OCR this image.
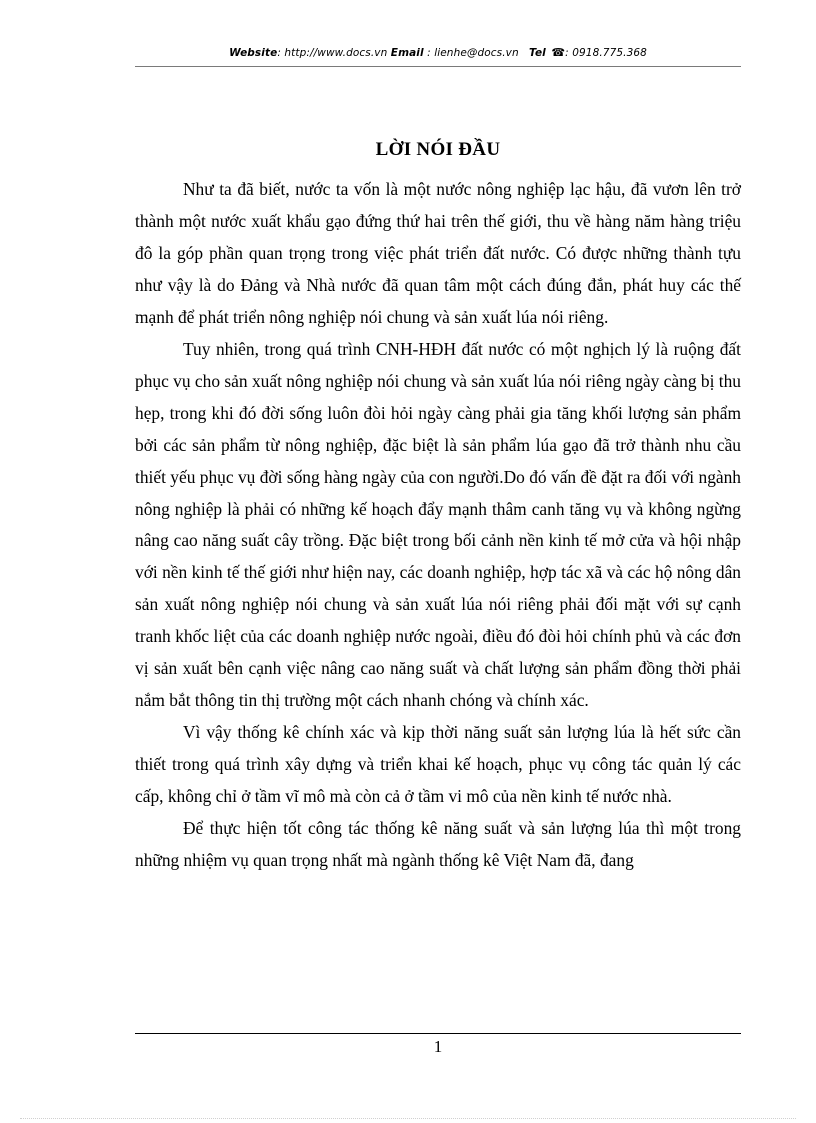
Website: http://www.docs.vn Email : lienhe@docs.vn Tel ☎: 0918.775.368
LỜI NÓI ĐẦU

Như ta đã biết, nước ta vốn là một nước nông nghiệp lạc hậu, đã vươn lên trở thành một nước xuất khẩu gạo đứng thứ hai trên thế giới, thu về hàng năm hàng triệu đô la góp phần quan trọng trong việc phát triển đất nước. Có được những thành tựu như vậy là do Đảng và Nhà nước đã quan tâm một cách đúng đắn, phát huy các thế mạnh để phát triển nông nghiệp nói chung và sản xuất lúa nói riêng.

Tuy nhiên, trong quá trình CNH-HĐH đất nước có một nghịch lý là ruộng đất phục vụ cho sản xuất nông nghiệp nói chung và sản xuất lúa nói riêng ngày càng bị thu hẹp, trong khi đó đời sống luôn đòi hỏi ngày càng phải gia tăng khối lượng sản phẩm bởi các sản phẩm từ nông nghiệp, đặc biệt là sản phẩm lúa gạo đã trở thành nhu cầu thiết yếu phục vụ đời sống hàng ngày của con người.Do đó vấn đề đặt ra đối với ngành nông nghiệp là phải có những kế hoạch đẩy mạnh thâm canh tăng vụ và không ngừng nâng cao năng suất cây trồng. Đặc biệt trong bối cảnh nền kinh tế mở cửa và hội nhập với nền kinh tế thế giới như hiện nay, các doanh nghiệp, hợp tác xã và các hộ nông dân sản xuất nông nghiệp nói chung và sản xuất lúa nói riêng phải đối mặt với sự cạnh tranh khốc liệt của các doanh nghiệp nước ngoài, điều đó đòi hỏi chính phủ và các đơn vị sản xuất bên cạnh việc nâng cao năng suất và chất lượng sản phẩm đồng thời phải nắm bắt thông tin thị trường một cách nhanh chóng và chính xác.

Vì vậy thống kê chính xác và kịp thời năng suất sản lượng lúa là hết sức cần thiết trong quá trình xây dựng và triển khai kế hoạch, phục vụ công tác quản lý các cấp, không chỉ ở tầm vĩ mô mà còn cả ở tầm vi mô của nền kinh tế nước nhà.

Để thực hiện tốt công tác thống kê năng suất và sản lượng lúa thì một trong những nhiệm vụ quan trọng nhất mà ngành thống kê Việt Nam đã, đang

1
